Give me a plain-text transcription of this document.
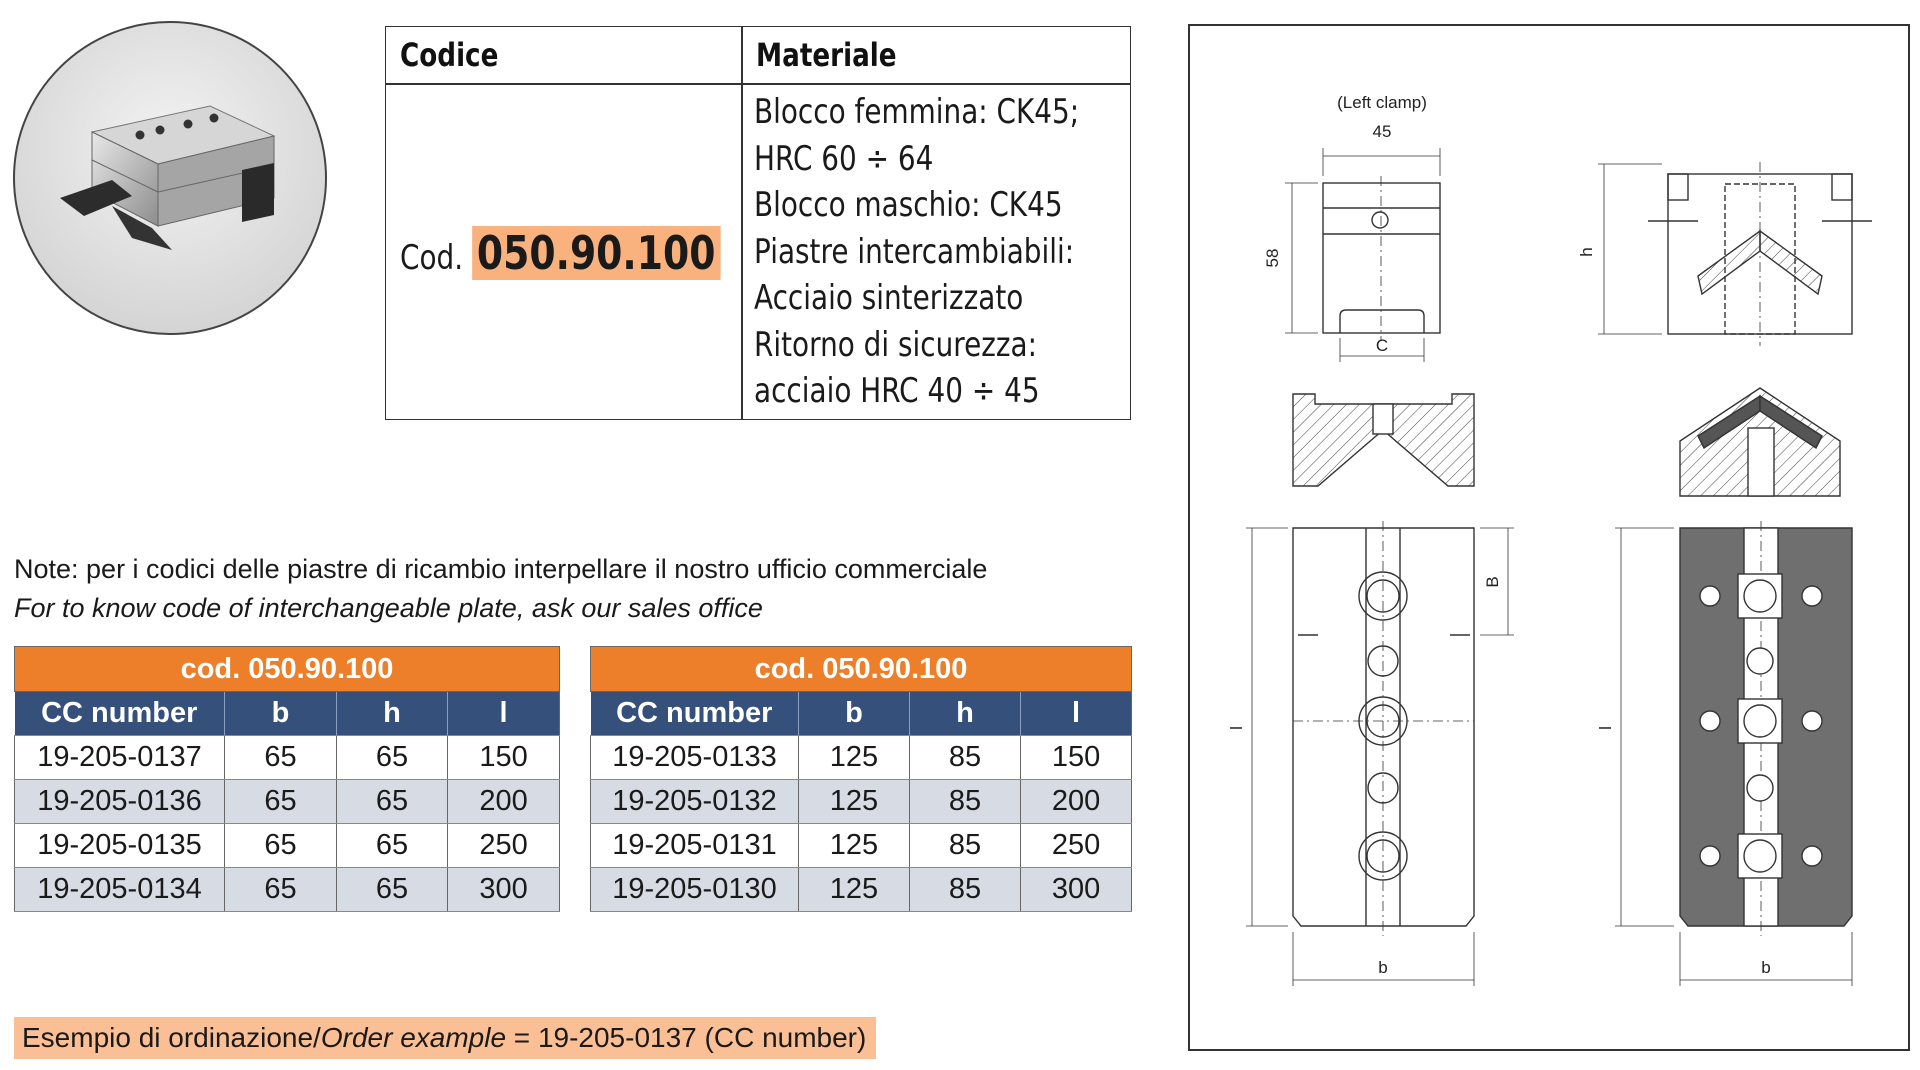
Codice	Materiale
Cod. 050.90.100
Blocco femmina: CK45;
HRC 60 ÷ 64
Blocco maschio: CK45
Piastre intercambiabili:
Acciaio sinterizzato
Ritorno di sicurezza:
acciaio HRC 40 ÷ 45
Note: per i codici delle piastre di ricambio interpellare il nostro ufficio commerciale
For to know code of interchangeable plate, ask our sales office
cod. 050.90.100			
CC number	b	h	l
19-205-0137	65	65	150
19-205-0136	65	65	200
19-205-0135	65	65	250
19-205-0134	65	65	300
cod. 050.90.100			
CC number	b	h	l
19-205-0133	125	85	150
19-205-0132	125	85	200
19-205-0131	125	85	250
19-205-0130	125	85	300
Esempio di ordinazione/Order example = 19-205-0137 (CC number)
(Left clamp)
45
58
C
h
B
l	l
b	b
